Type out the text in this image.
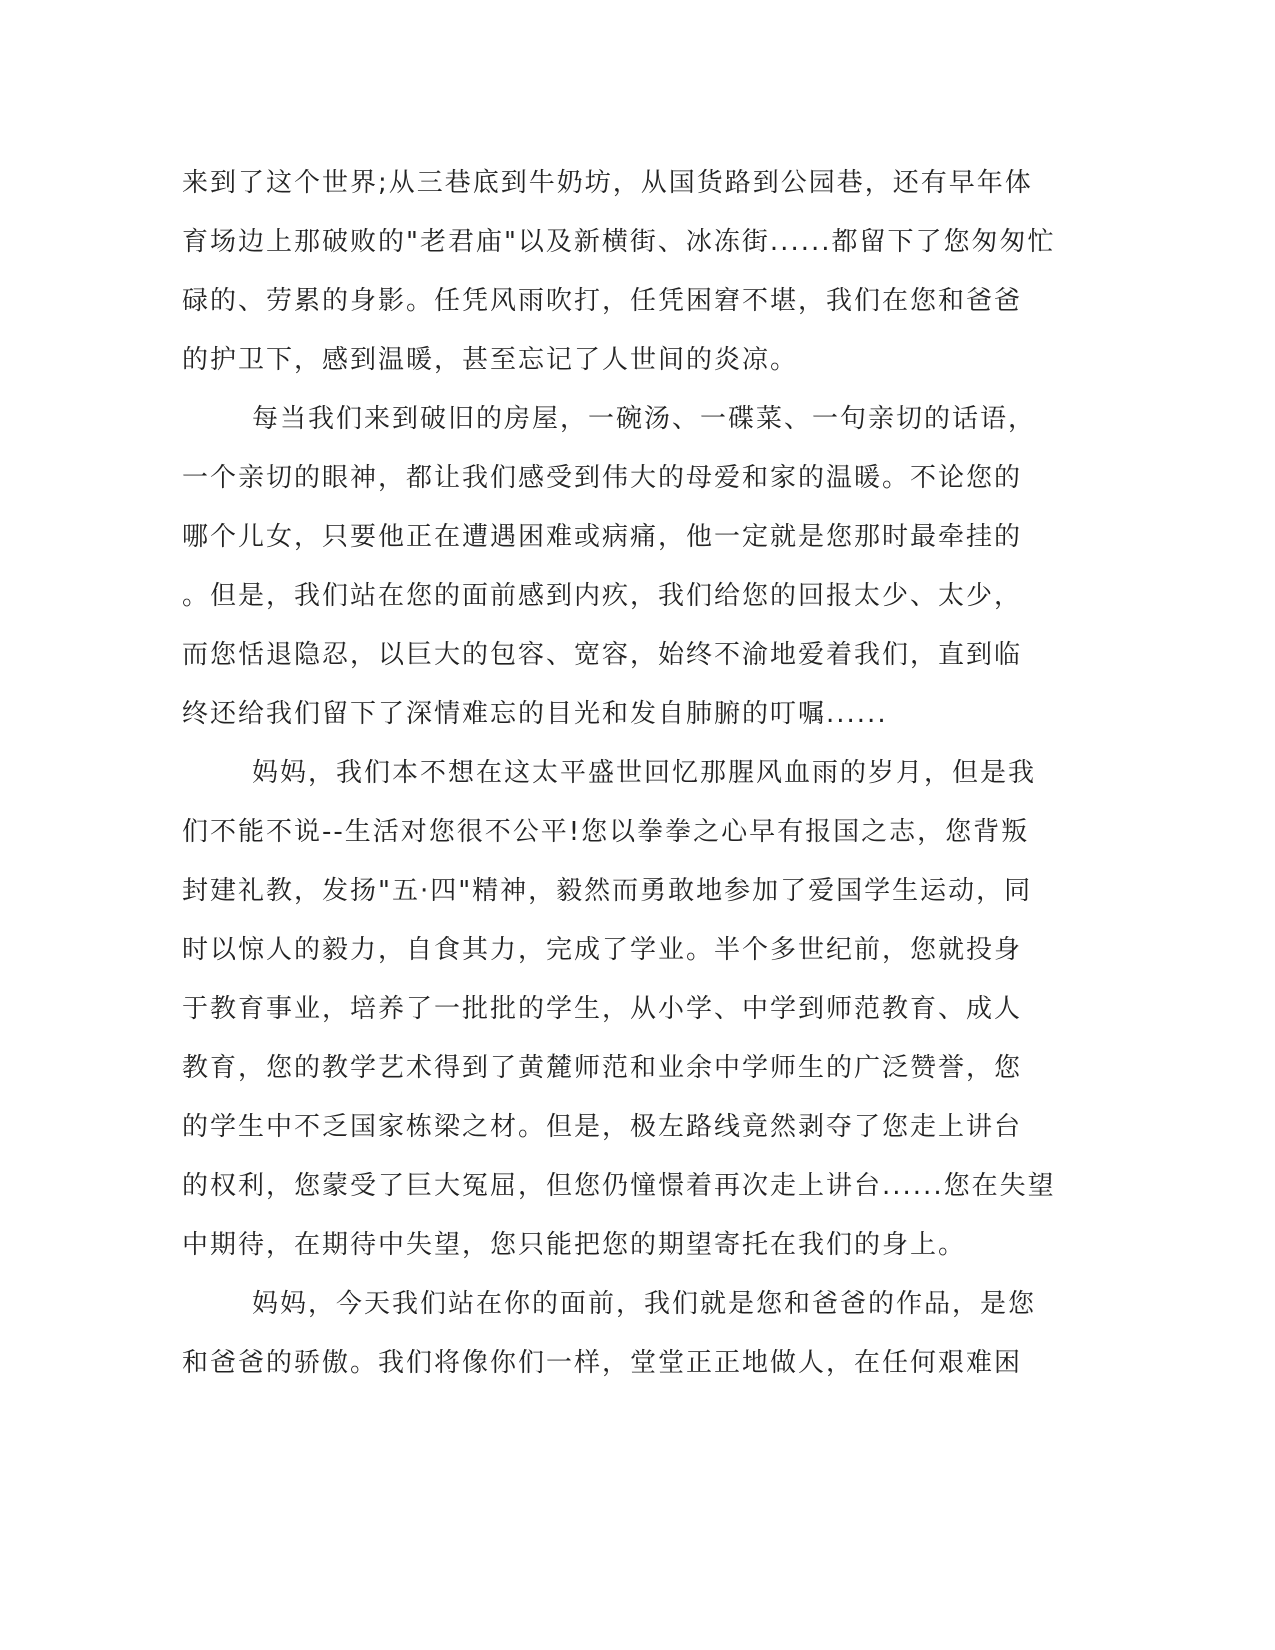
来到了这个世界;从三巷底到牛奶坊，从国货路到公园巷，还有早年体
育场边上那破败的"老君庙"以及新横街、冰冻街......都留下了您匆匆忙
碌的、劳累的身影。任凭风雨吹打，任凭困窘不堪，我们在您和爸爸
的护卫下，感到温暖，甚至忘记了人世间的炎凉。
每当我们来到破旧的房屋，一碗汤、一碟菜、一句亲切的话语，
一个亲切的眼神，都让我们感受到伟大的母爱和家的温暖。不论您的
哪个儿女，只要他正在遭遇困难或病痛，他一定就是您那时最牵挂的
。但是，我们站在您的面前感到内疚，我们给您的回报太少、太少，
而您恬退隐忍，以巨大的包容、宽容，始终不渝地爱着我们，直到临
终还给我们留下了深情难忘的目光和发自肺腑的叮嘱......
妈妈，我们本不想在这太平盛世回忆那腥风血雨的岁月，但是我
们不能不说--生活对您很不公平!您以拳拳之心早有报国之志，您背叛
封建礼教，发扬"五·四"精神，毅然而勇敢地参加了爱国学生运动，同
时以惊人的毅力，自食其力，完成了学业。半个多世纪前，您就投身
于教育事业，培养了一批批的学生，从小学、中学到师范教育、成人
教育，您的教学艺术得到了黄麓师范和业余中学师生的广泛赞誉，您
的学生中不乏国家栋梁之材。但是，极左路线竟然剥夺了您走上讲台
的权利，您蒙受了巨大冤屈，但您仍憧憬着再次走上讲台......您在失望
中期待，在期待中失望，您只能把您的期望寄托在我们的身上。
妈妈，今天我们站在你的面前，我们就是您和爸爸的作品，是您
和爸爸的骄傲。我们将像你们一样，堂堂正正地做人，在任何艰难困
